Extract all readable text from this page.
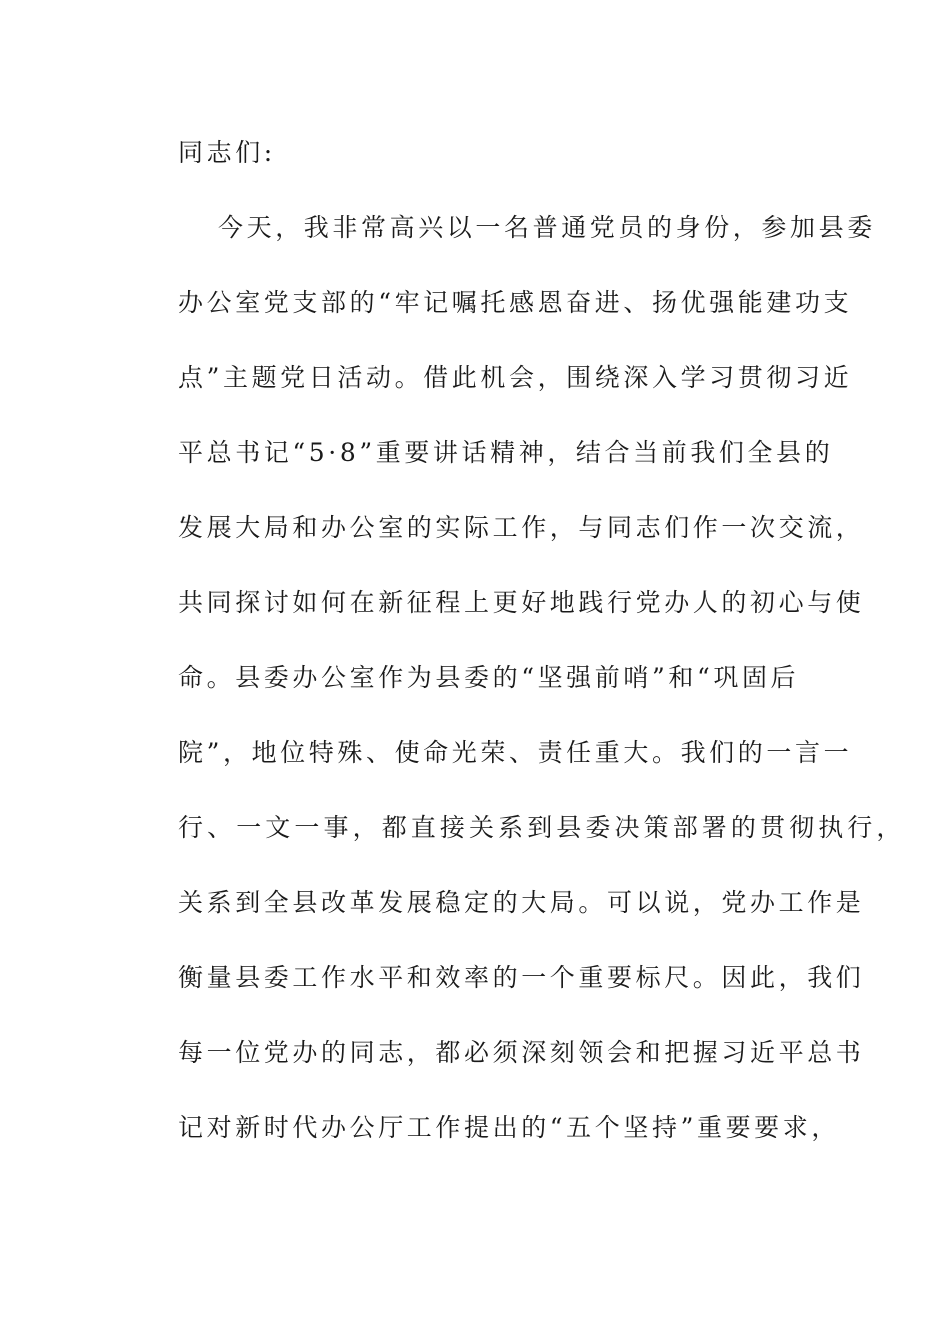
同志们:
今天，我非常高兴以一名普通党员的身份，参加县委
办公室党支部的“牢记嘱托感恩奋进、扬优强能建功支
点”主题党日活动。借此机会，围绕深入学习贯彻习近
平总书记“5·8”重要讲话精神，结合当前我们全县的
发展大局和办公室的实际工作，与同志们作一次交流，
共同探讨如何在新征程上更好地践行党办人的初心与使
命。县委办公室作为县委的“坚强前哨”和“巩固后
院”，地位特殊、使命光荣、责任重大。我们的一言一
行、一文一事，都直接关系到县委决策部署的贯彻执行，
关系到全县改革发展稳定的大局。可以说，党办工作是
衡量县委工作水平和效率的一个重要标尺。因此，我们
每一位党办的同志，都必须深刻领会和把握习近平总书
记对新时代办公厅工作提出的“五个坚持”重要要求，
